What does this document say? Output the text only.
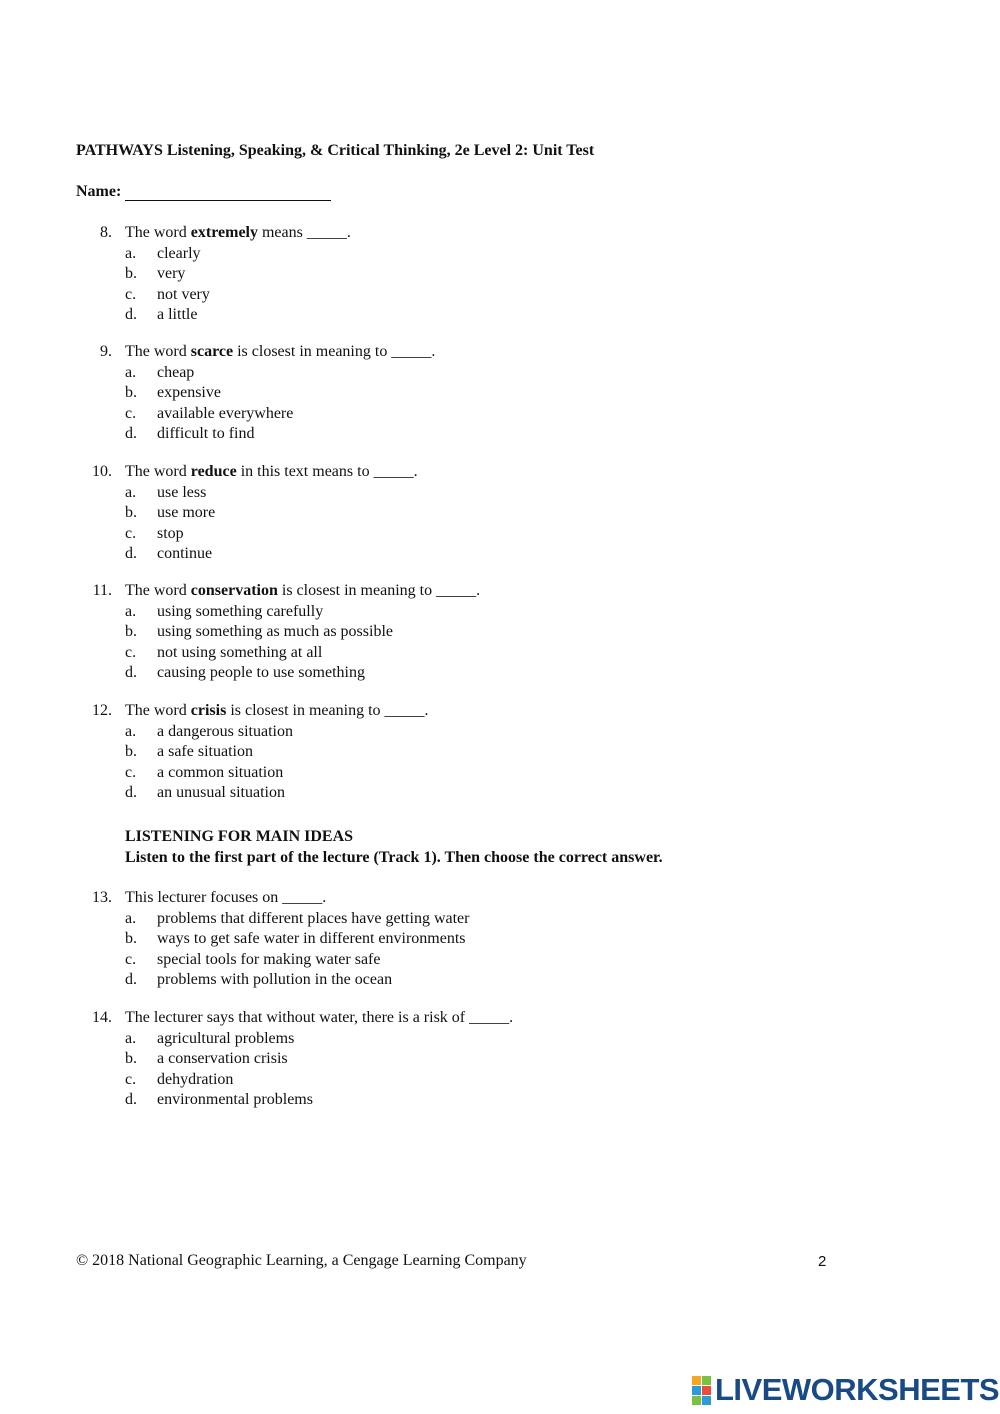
PATHWAYS Listening, Speaking, & Critical Thinking, 2e Level 2: Unit Test
Name:
8. The word extremely means _____.
a. clearly
b. very
c. not very
d. a little
9. The word scarce is closest in meaning to _____.
a. cheap
b. expensive
c. available everywhere
d. difficult to find
10. The word reduce in this text means to _____.
a. use less
b. use more
c. stop
d. continue
11. The word conservation is closest in meaning to _____.
a. using something carefully
b. using something as much as possible
c. not using something at all
d. causing people to use something
12. The word crisis is closest in meaning to _____.
a. a dangerous situation
b. a safe situation
c. a common situation
d. an unusual situation
13. This lecturer focuses on _____.
a. problems that different places have getting water
b. ways to get safe water in different environments
c. special tools for making water safe
d. problems with pollution in the ocean
14. The lecturer says that without water, there is a risk of _____.
a. agricultural problems
b. a conservation crisis
c. dehydration
d. environmental problems
LISTENING FOR MAIN IDEAS
Listen to the first part of the lecture (Track 1). Then choose the correct answer.
© 2018 National Geographic Learning, a Cengage Learning Company	2
LIVEWORKSHEETS
